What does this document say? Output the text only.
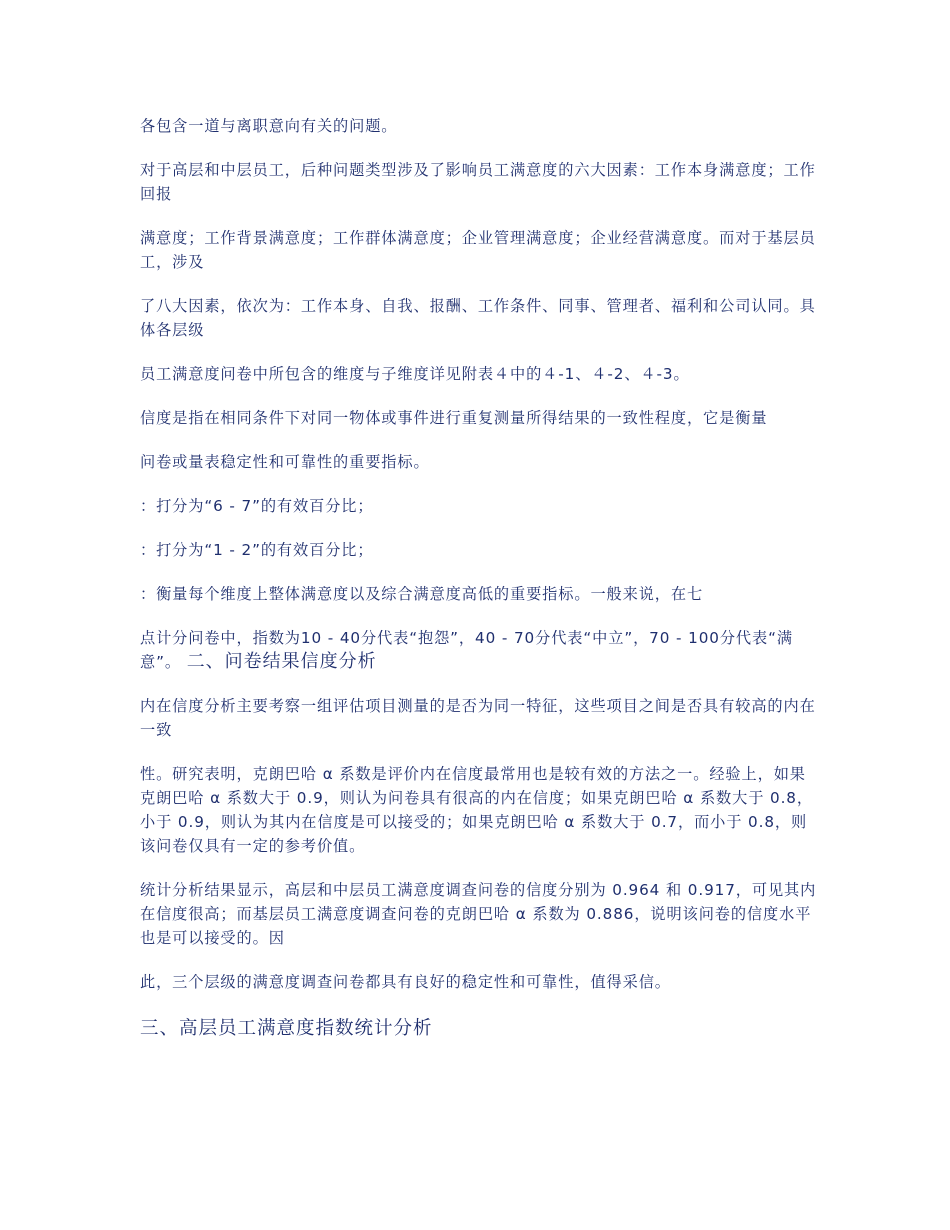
各包含一道与离职意向有关的问题。

对于高层和中层员工，后种问题类型涉及了影响员工满意度的六大因素：工作本身满意度；工作回报

满意度；工作背景满意度；工作群体满意度；企业管理满意度；企业经营满意度。而对于基层员工，涉及

了八大因素，依次为：工作本身、自我、报酬、工作条件、同事、管理者、福利和公司认同。具体各层级

员工满意度问卷中所包含的维度与子维度详见附表４中的４-1、４-2、４-3。

信度是指在相同条件下对同一物体或事件进行重复测量所得结果的一致性程度，它是衡量

问卷或量表稳定性和可靠性的重要指标。

：打分为“6 - 7”的有效百分比；

：打分为“1 - 2”的有效百分比；

：衡量每个维度上整体满意度以及综合满意度高低的重要指标。一般来说，在七

点计分问卷中，指数为10 - 40分代表“抱怨”，40 - 70分代表“中立”，70 - 100分代表“满意”。 二、问卷结果信度分析

内在信度分析主要考察一组评估项目测量的是否为同一特征，这些项目之间是否具有较高的内在一致

性。研究表明，克朗巴哈 α 系数是评价内在信度最常用也是较有效的方法之一。经验上，如果克朗巴哈 α 系数大于 0.9，则认为问卷具有很高的内在信度；如果克朗巴哈 α 系数大于 0.8，小于 0.9，则认为其内在信度是可以接受的；如果克朗巴哈 α 系数大于 0.7，而小于 0.8，则该问卷仅具有一定的参考价值。

统计分析结果显示，高层和中层员工满意度调查问卷的信度分别为 0.964 和 0.917，可见其内在信度很高；而基层员工满意度调查问卷的克朗巴哈 α 系数为 0.886，说明该问卷的信度水平也是可以接受的。因

此，三个层级的满意度调查问卷都具有良好的稳定性和可靠性，值得采信。

三、高层员工满意度指数统计分析
